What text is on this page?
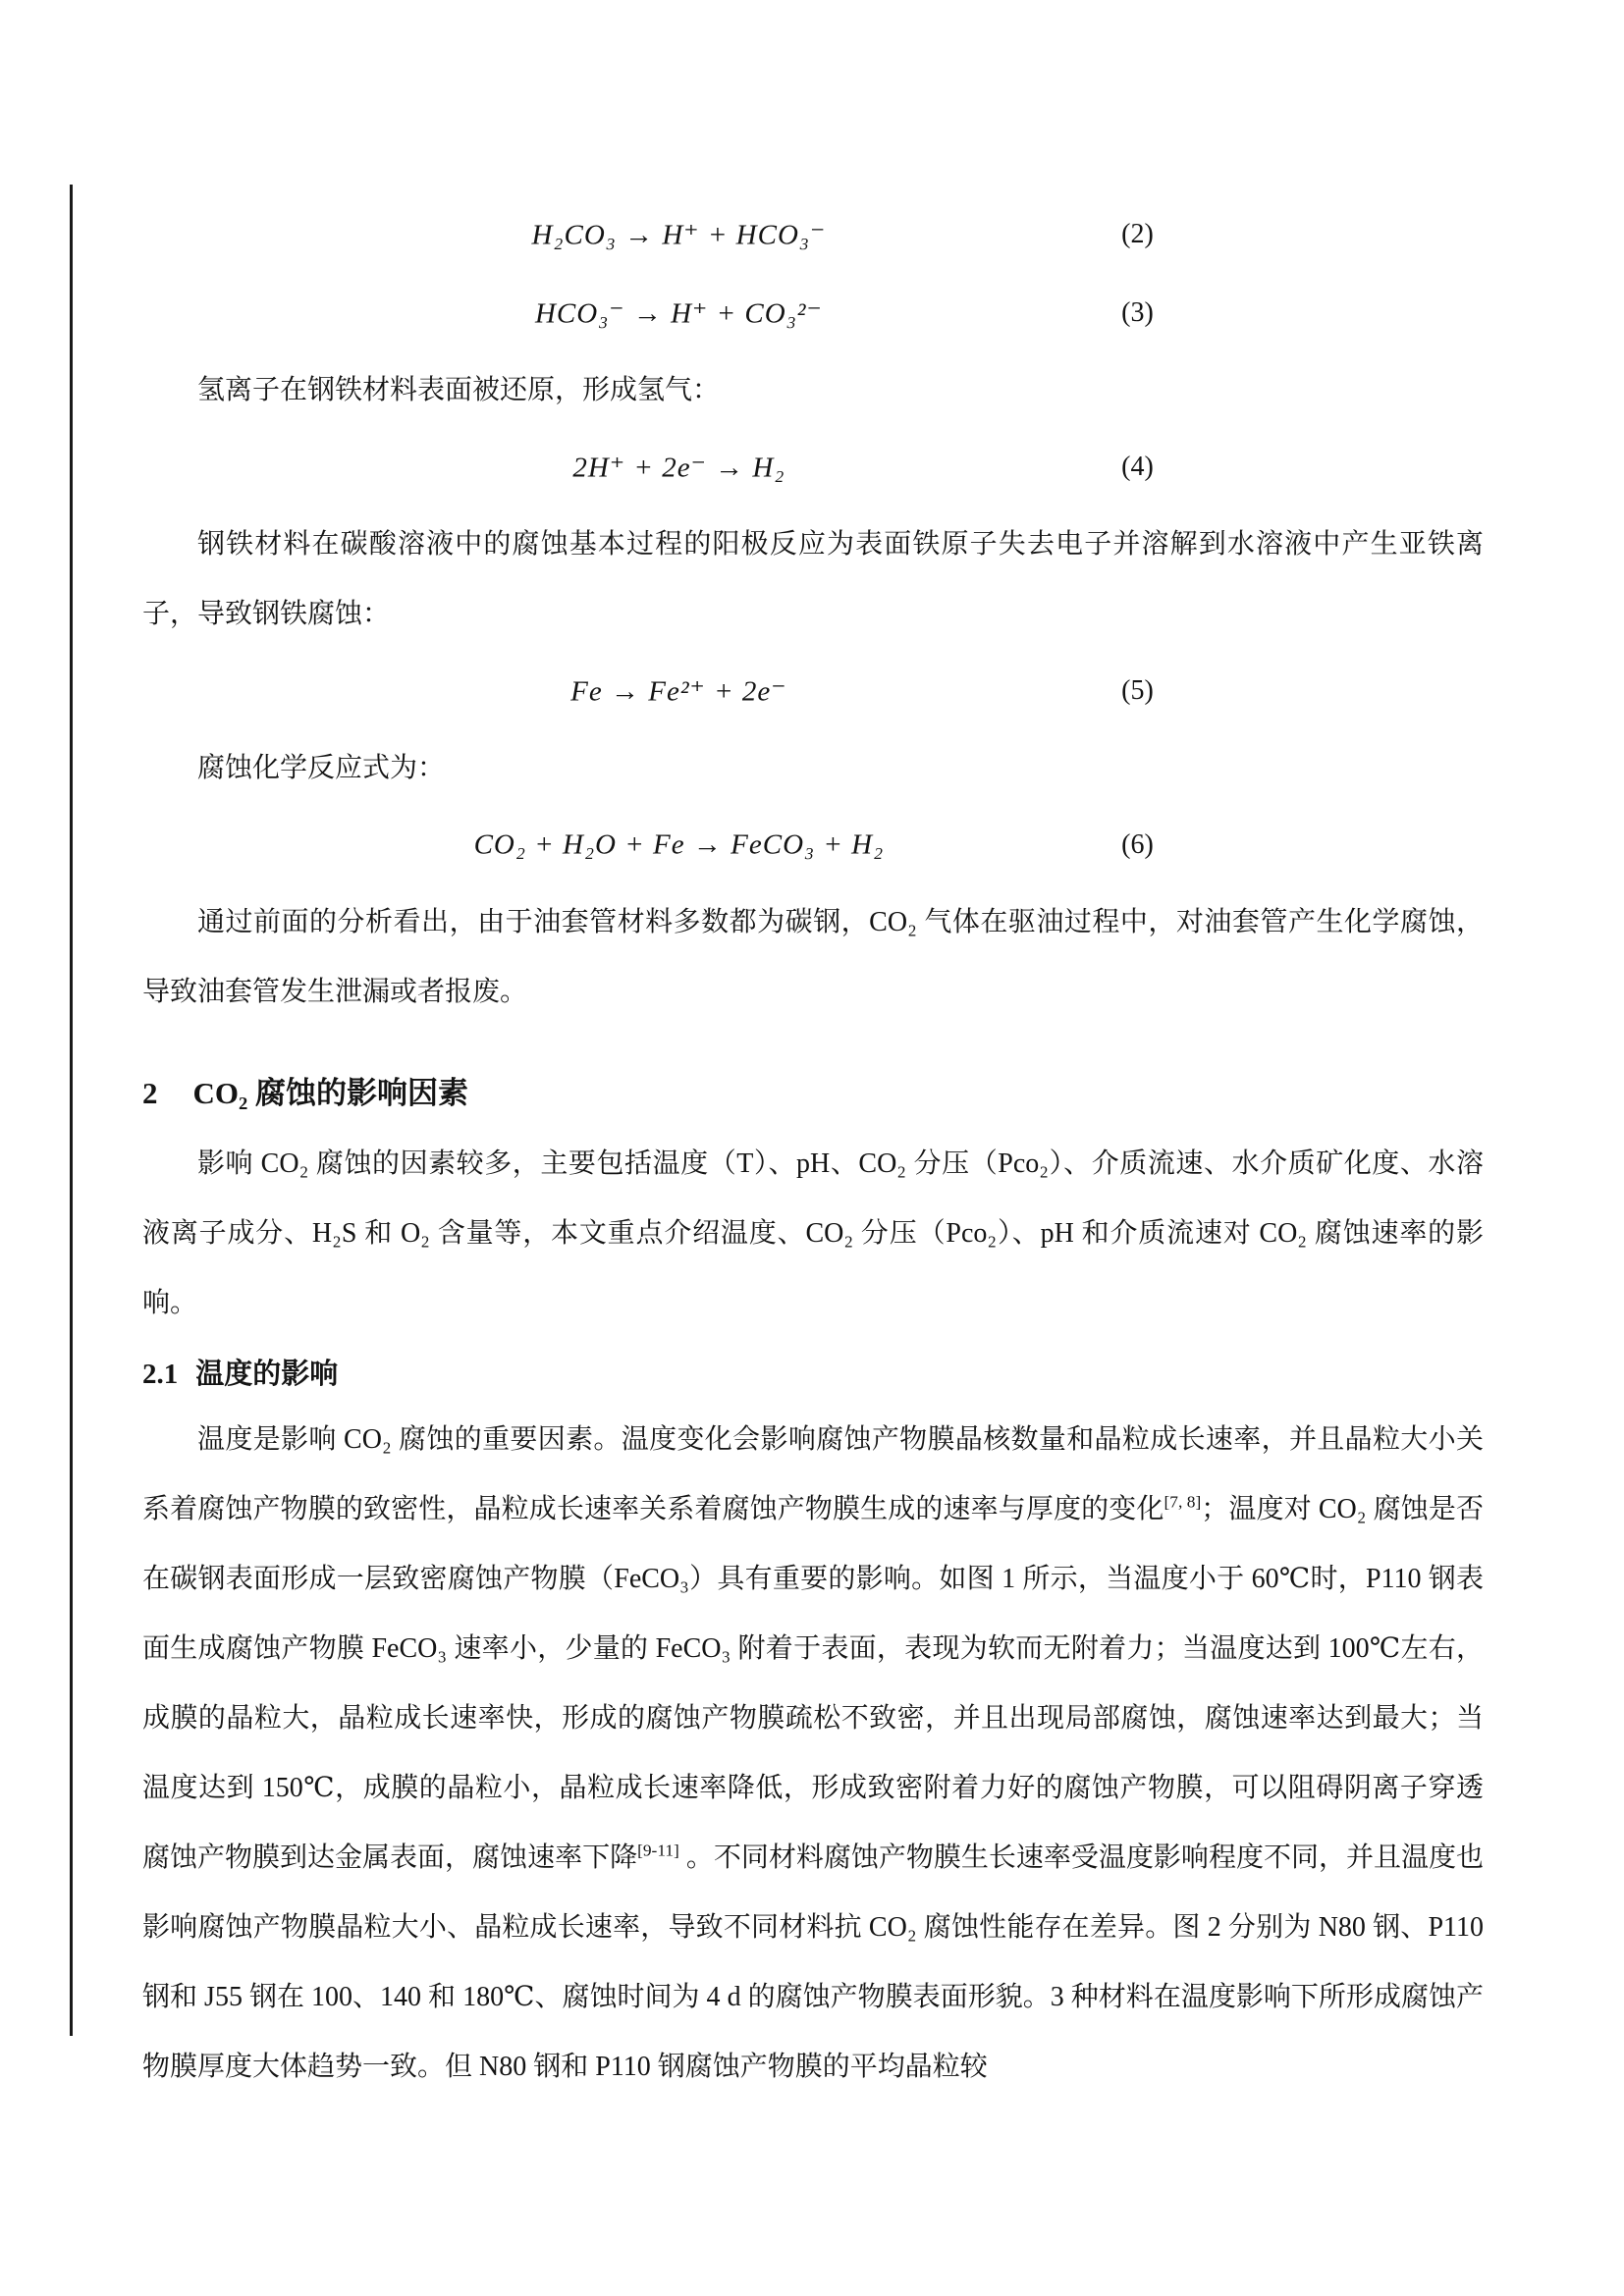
H₂CO₃ → H⁺ + HCO₃⁻	(2)
HCO₃⁻ → H⁺ + CO₃²⁻	(3)

氢离子在钢铁材料表面被还原，形成氢气：

2H⁺ + 2e⁻ → H₂	(4)

钢铁材料在碳酸溶液中的腐蚀基本过程的阳极反应为表面铁原子失去电子并溶解到水溶液中产生亚铁离子，导致钢铁腐蚀：

Fe → Fe²⁺ + 2e⁻	(5)

腐蚀化学反应式为：

CO₂ + H₂O + Fe → FeCO₃ + H₂	(6)

通过前面的分析看出，由于油套管材料多数都为碳钢，CO₂ 气体在驱油过程中，对油套管产生化学腐蚀，导致油套管发生泄漏或者报废。

2 CO₂ 腐蚀的影响因素

影响 CO₂ 腐蚀的因素较多，主要包括温度（T）、pH、CO₂ 分压（Pco₂）、介质流速、水介质矿化度、水溶液离子成分、H₂S 和 O₂ 含量等，本文重点介绍温度、CO₂ 分压（Pco₂）、pH 和介质流速对 CO₂ 腐蚀速率的影响。

2.1 温度的影响

温度是影响 CO₂ 腐蚀的重要因素。温度变化会影响腐蚀产物膜晶核数量和晶粒成长速率，并且晶粒大小关系着腐蚀产物膜的致密性，晶粒成长速率关系着腐蚀产物膜生成的速率与厚度的变化[7, 8]；温度对 CO₂ 腐蚀是否在碳钢表面形成一层致密腐蚀产物膜（FeCO₃）具有重要的影响。如图 1 所示，当温度小于 60℃时，P110 钢表面生成腐蚀产物膜 FeCO₃ 速率小，少量的 FeCO₃ 附着于表面，表现为软而无附着力；当温度达到 100℃左右，成膜的晶粒大，晶粒成长速率快，形成的腐蚀产物膜疏松不致密，并且出现局部腐蚀，腐蚀速率达到最大；当温度达到 150℃，成膜的晶粒小，晶粒成长速率降低，形成致密附着力好的腐蚀产物膜，可以阻碍阴离子穿透腐蚀产物膜到达金属表面，腐蚀速率下降[9-11] 。不同材料腐蚀产物膜生长速率受温度影响程度不同，并且温度也影响腐蚀产物膜晶粒大小、晶粒成长速率，导致不同材料抗 CO₂ 腐蚀性能存在差异。图 2 分别为 N80 钢、P110 钢和 J55 钢在 100、140 和 180℃、腐蚀时间为 4 d 的腐蚀产物膜表面形貌。3 种材料在温度影响下所形成腐蚀产物膜厚度大体趋势一致。但 N80 钢和 P110 钢腐蚀产物膜的平均晶粒较
